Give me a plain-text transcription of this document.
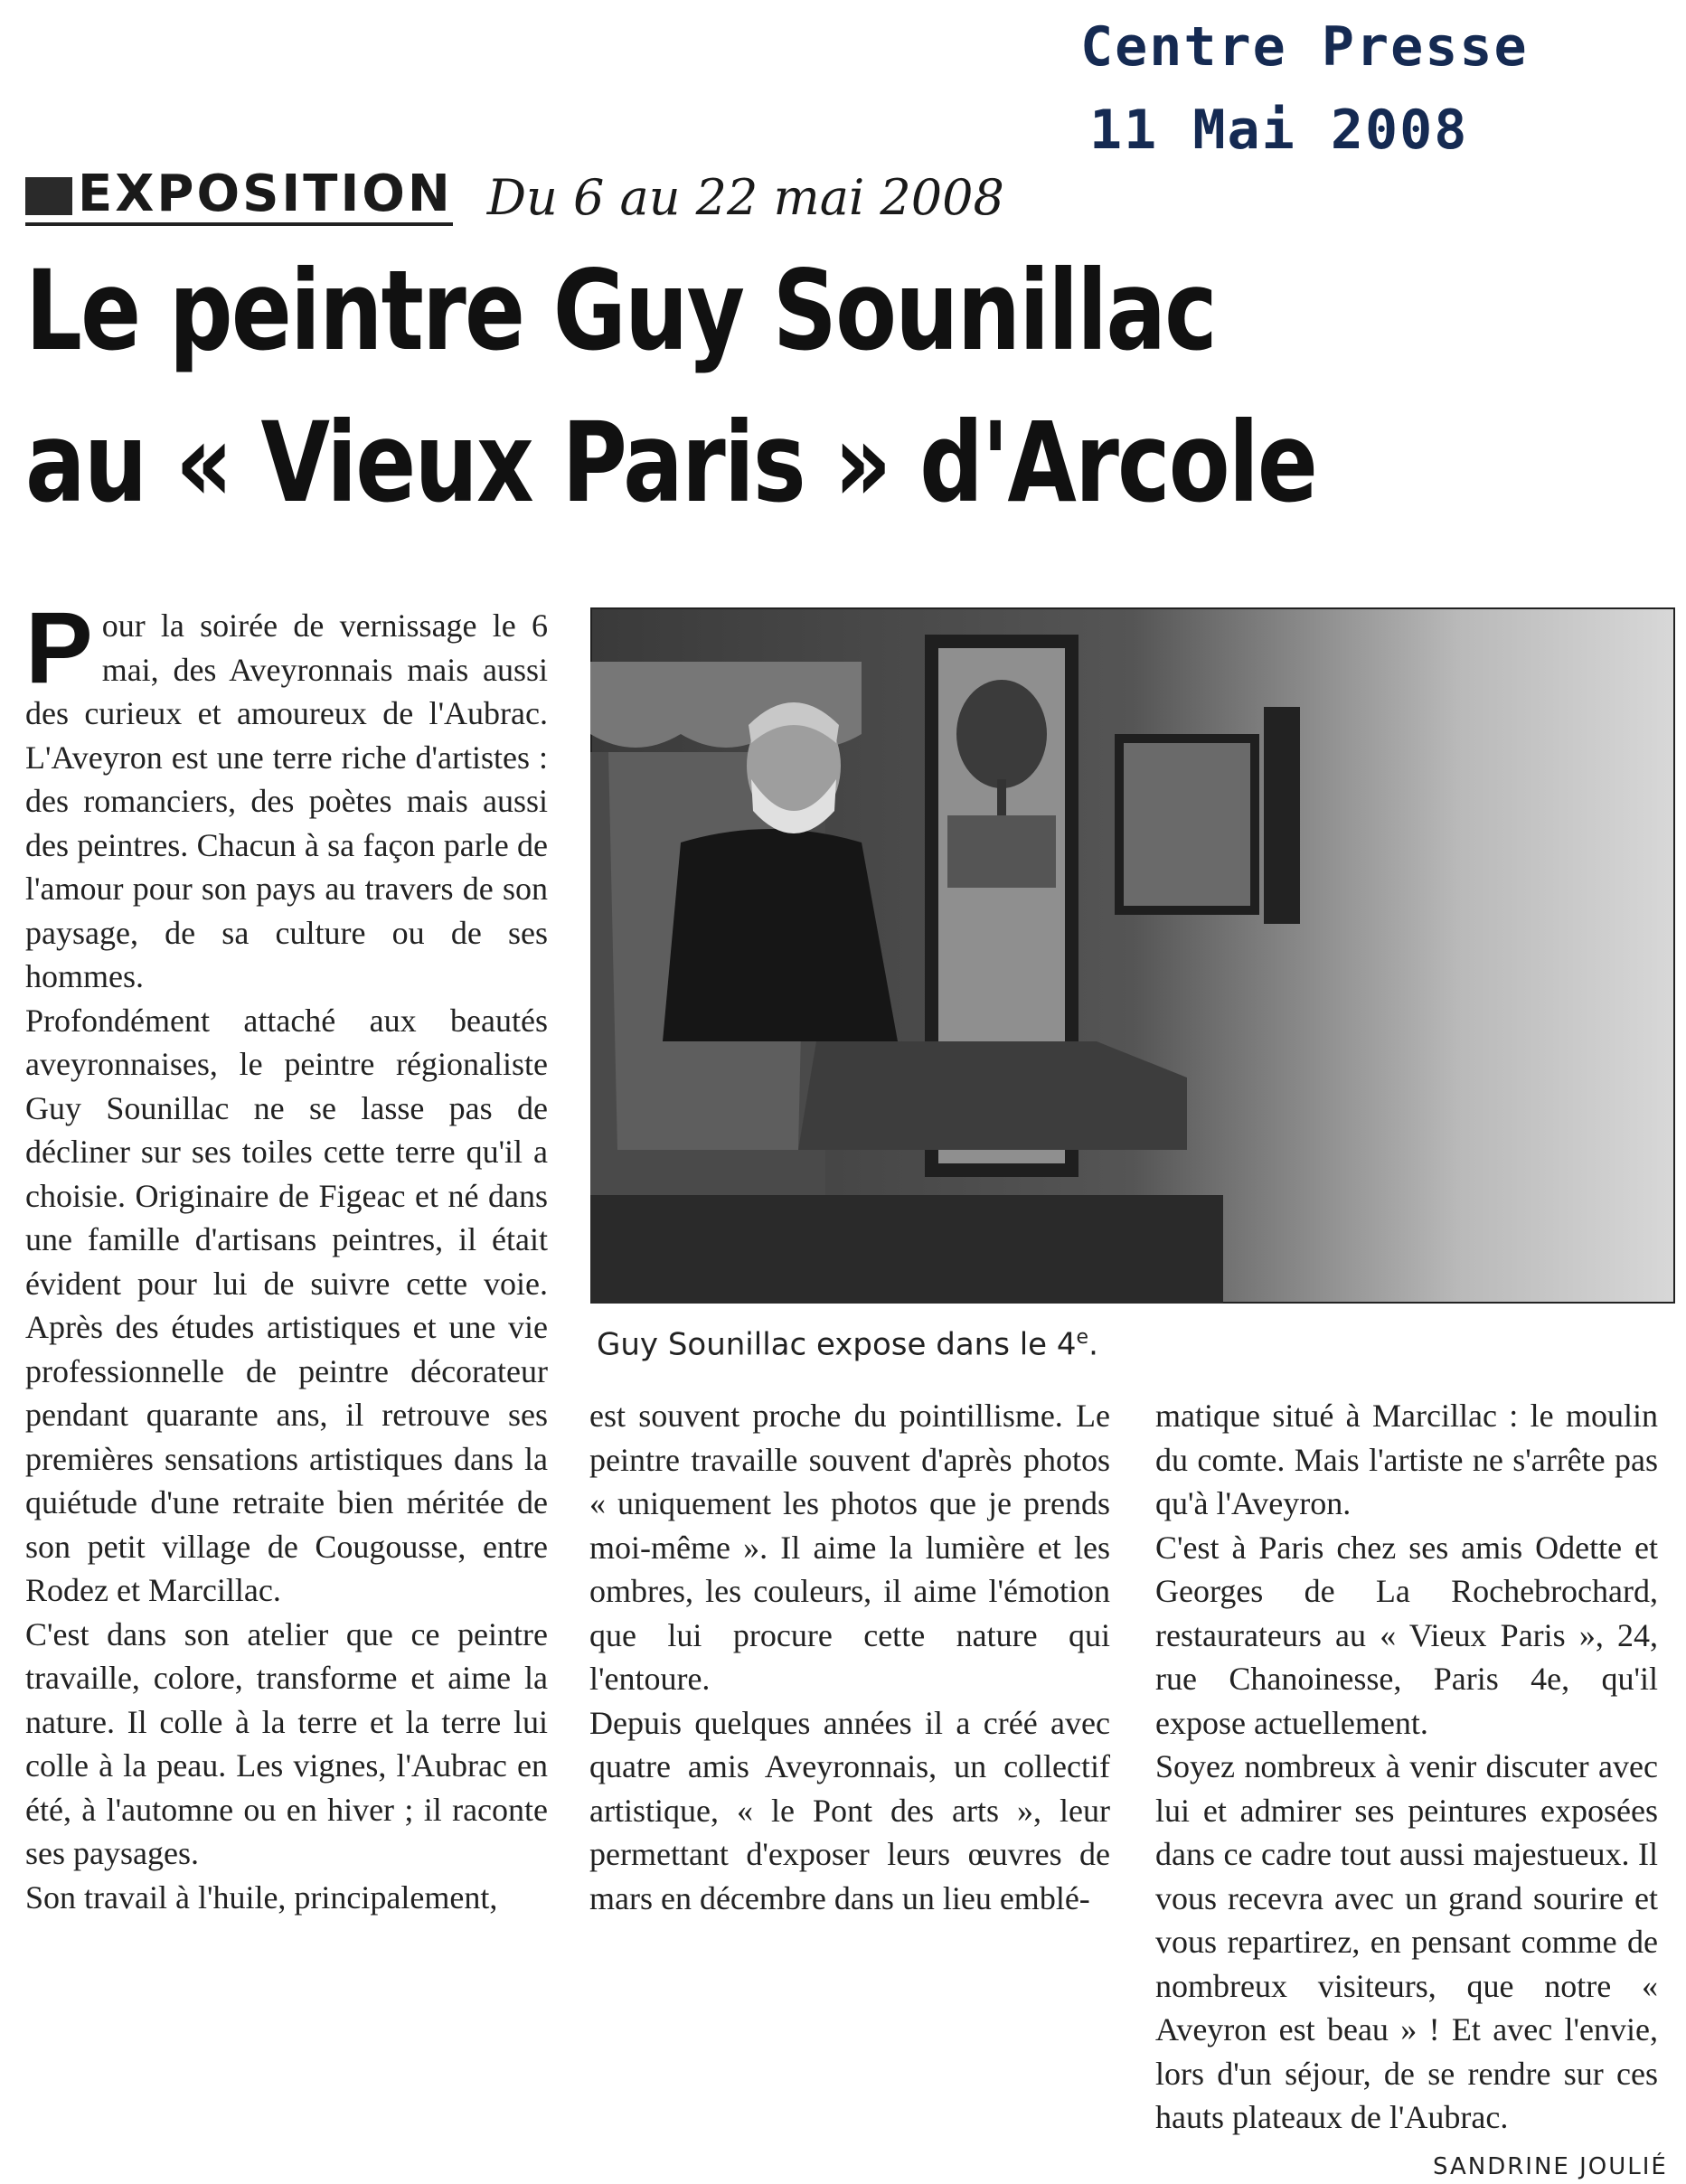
Centre Presse
11 Mai 2008
EXPOSITION Du 6 au 22 mai 2008
Le peintre Guy Sounillac
au « Vieux Paris » d'Arcole

Pour la soirée de vernissage le 6 mai, des Aveyronnais mais aussi des curieux et amoureux de l'Aubrac. L'Aveyron est une terre riche d'artistes : des romanciers, des poètes mais aussi des peintres. Chacun à sa façon parle de l'amour pour son pays au travers de son paysage, de sa culture ou de ses hommes.

Profondément attaché aux beautés aveyronnaises, le peintre régionaliste Guy Sounillac ne se lasse pas de décliner sur ses toiles cette terre qu'il a choisie. Originaire de Figeac et né dans une famille d'artisans peintres, il était évident pour lui de suivre cette voie. Après des études artistiques et une vie professionnelle de peintre décorateur pendant quarante ans, il retrouve ses premières sensations artistiques dans la quiétude d'une retraite bien méritée de son petit village de Cougousse, entre Rodez et Marcillac.

C'est dans son atelier que ce peintre travaille, colore, transforme et aime la nature. Il colle à la terre et la terre lui colle à la peau. Les vignes, l'Aubrac en été, à l'automne ou en hiver ; il raconte ses paysages.

Son travail à l'huile, principalement,

Guy Sounillac expose dans le 4e.

est souvent proche du pointillisme. Le peintre travaille souvent d'après photos « uniquement les photos que je prends moi-même ». Il aime la lumière et les ombres, les couleurs, il aime l'émotion que lui procure cette nature qui l'entoure.

Depuis quelques années il a créé avec quatre amis Aveyronnais, un collectif artistique, « le Pont des arts », leur permettant d'exposer leurs œuvres de mars en décembre dans un lieu emblé-

matique situé à Marcillac : le moulin du comte. Mais l'artiste ne s'arrête pas qu'à l'Aveyron.

C'est à Paris chez ses amis Odette et Georges de La Rochebrochard, restaurateurs au « Vieux Paris », 24, rue Chanoinesse, Paris 4e, qu'il expose actuellement.

Soyez nombreux à venir discuter avec lui et admirer ses peintures exposées dans ce cadre tout aussi majestueux. Il vous recevra avec un grand sourire et vous repartirez, en pensant comme de nombreux visiteurs, que notre « Aveyron est beau » ! Et avec l'envie, lors d'un séjour, de se rendre sur ces hauts plateaux de l'Aubrac.

SANDRINE JOULIÉ
